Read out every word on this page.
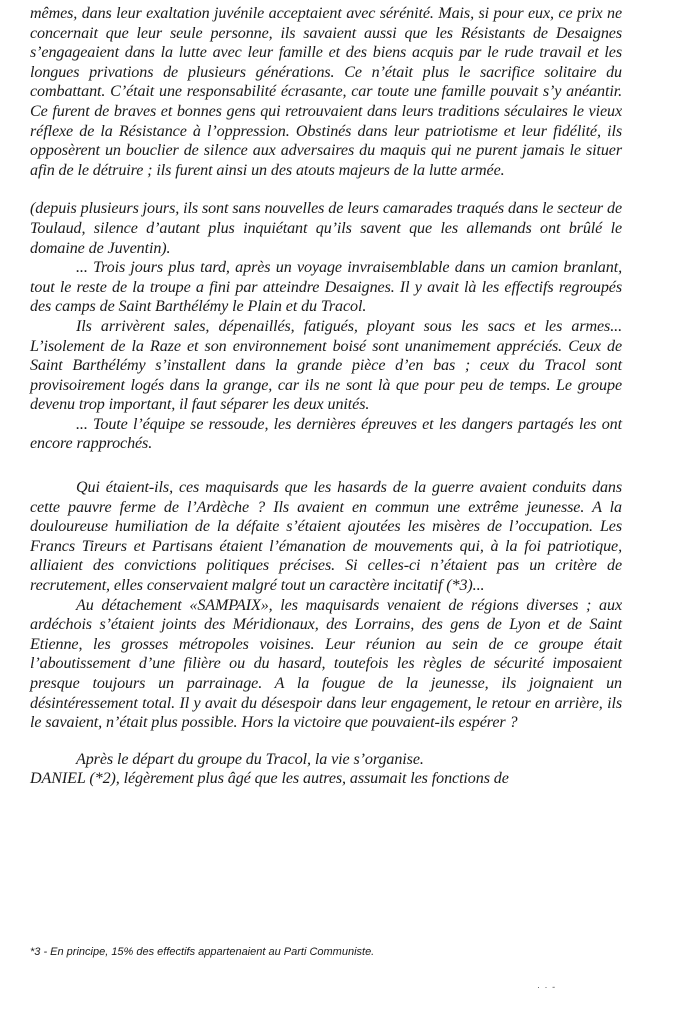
mêmes, dans leur exaltation juvénile acceptaient avec sérénité. Mais, si pour eux, ce prix ne concernait que leur seule personne, ils savaient aussi que les Résistants de Desaignes s’engageaient dans la lutte avec leur famille et des biens acquis par le rude travail et les longues privations de plusieurs générations. Ce n’était plus le sacrifice solitaire du combattant. C’était une responsabilité écrasante, car toute une famille pouvait s’y anéantir. Ce furent de braves et bonnes gens qui retrouvaient dans leurs traditions séculaires le vieux réflexe de la Résistance à l’oppression. Obstinés dans leur patriotisme et leur fidélité, ils opposèrent un bouclier de silence aux adversaires du maquis qui ne purent jamais le situer afin de le détruire ; ils furent ainsi un des atouts majeurs de la lutte armée.

(depuis plusieurs jours, ils sont sans nouvelles de leurs camarades traqués dans le secteur de Toulaud, silence d’autant plus inquiétant qu’ils savent que les allemands ont brûlé le domaine de Juventin).

... Trois jours plus tard, après un voyage invraisemblable dans un camion branlant, tout le reste de la troupe a fini par atteindre Desaignes. Il y avait là les effectifs regroupés des camps de Saint Barthélémy le Plain et du Tracol.

Ils arrivèrent sales, dépenaillés, fatigués, ployant sous les sacs et les armes... L’isolement de la Raze et son environnement boisé sont unanimement appréciés. Ceux de Saint Barthélémy s’installent dans la grande pièce d’en bas ; ceux du Tracol sont provisoirement logés dans la grange, car ils ne sont là que pour peu de temps. Le groupe devenu trop important, il faut séparer les deux unités.

... Toute l’équipe se ressoude, les dernières épreuves et les dangers partagés les ont encore rapprochés.

Qui étaient-ils, ces maquisards que les hasards de la guerre avaient conduits dans cette pauvre ferme de l’Ardèche ? Ils avaient en commun une extrême jeunesse. A la douloureuse humiliation de la défaite s’étaient ajoutées les misères de l’occupation. Les Francs Tireurs et Partisans étaient l’émanation de mouvements qui, à la foi patriotique, alliaient des convictions politiques précises. Si celles-ci n’étaient pas un critère de recrutement, elles conservaient malgré tout un caractère incitatif (*3)...

Au détachement «SAMPAIX», les maquisards venaient de régions diverses ; aux ardéchois s’étaient joints des Méridionaux, des Lorrains, des gens de Lyon et de Saint Etienne, les grosses métropoles voisines. Leur réunion au sein de ce groupe était l’aboutissement d’une filière ou du hasard, toutefois les règles de sécurité imposaient presque toujours un parrainage. A la fougue de la jeunesse, ils joignaient un désintéressement total. Il y avait du désespoir dans leur engagement, le retour en arrière, ils le savaient, n’était plus possible. Hors la victoire que pouvaient-ils espérer ?

Après le départ du groupe du Tracol, la vie s’organise.

DANIEL (*2), légèrement plus âgé que les autres, assumait les fonctions de

*3 - En principe, 15% des effectifs appartenaient au Parti Communiste.
· · -
